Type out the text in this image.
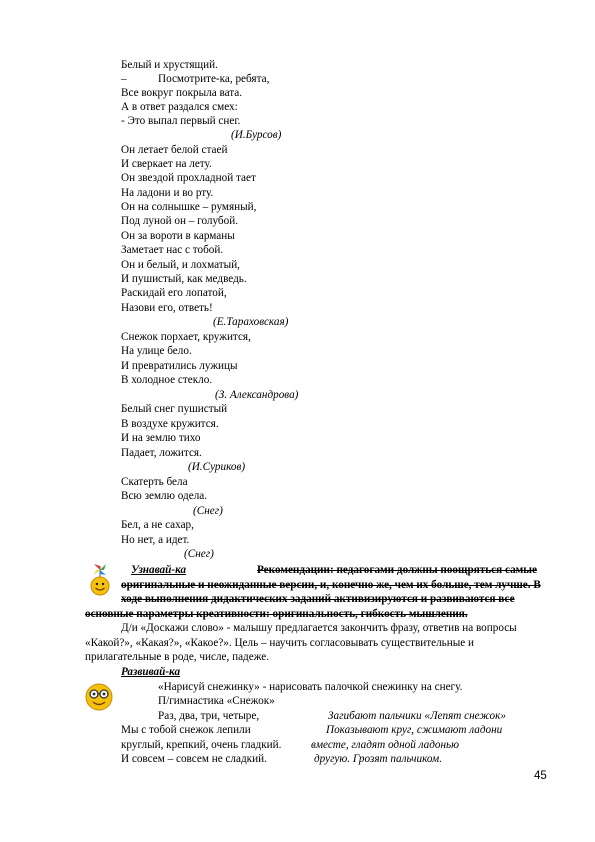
Белый и хрустящий.
–	Посмотрите-ка, ребята,
Все вокруг покрыла вата.
А в ответ раздался смех:
- Это выпал первый снег.
(И.Бурсов)
Он летает белой стаей
И сверкает на лету.
Он звездой прохладной тает
На ладони и во рту.
Он на солнышке – румяный,
Под луной он – голубой.
Он за вороти в карманы
Заметает нас с тобой.
Он и белый, и лохматый,
И пушистый, как медведь.
Раскидай его лопатой,
Назови его, ответь!
(Е.Тараховская)
Снежок порхает, кружится,
На улице бело.
И превратились лужицы
В холодное стекло.
(З. Александрова)
Белый снег пушистый
В воздухе кружится.
И на землю тихо
Падает, ложится.
(И.Суриков)
Скатерть бела
Всю землю одела.
(Снег)
Бел, а не сахар,
Но нет, а идет.
(Снег)
Узнавай-ка	Рекомендации: педагогами должны поощряться самые
оригинальные и неожиданные версии, и, конечно же, чем их больше, тем лучше. В
ходе выполнения дидактических заданий активизируются и развиваются все
основные параметры креативности: оригинальность, гибкость мышления.
Д/и «Доскажи слово» - малышу предлагается закончить фразу, ответив на вопросы
«Какой?», «Какая?», «Какое?». Цель – научить согласовывать существительные и
прилагательные в роде, числе, падеже.
Развивай-ка
«Нарисуй снежинку» - нарисовать палочкой снежинку на снегу.
П/гимнастика «Снежок»
Раз, два, три, четыре,	Загибают пальчики «Лепят снежок»
Мы с тобой снежок лепили	Показывают круг, сжимают ладони
круглый, крепкий, очень гладкий.	вместе, гладят одной ладонью
И совсем – совсем не сладкий.	другую. Грозят пальчиком.
45
